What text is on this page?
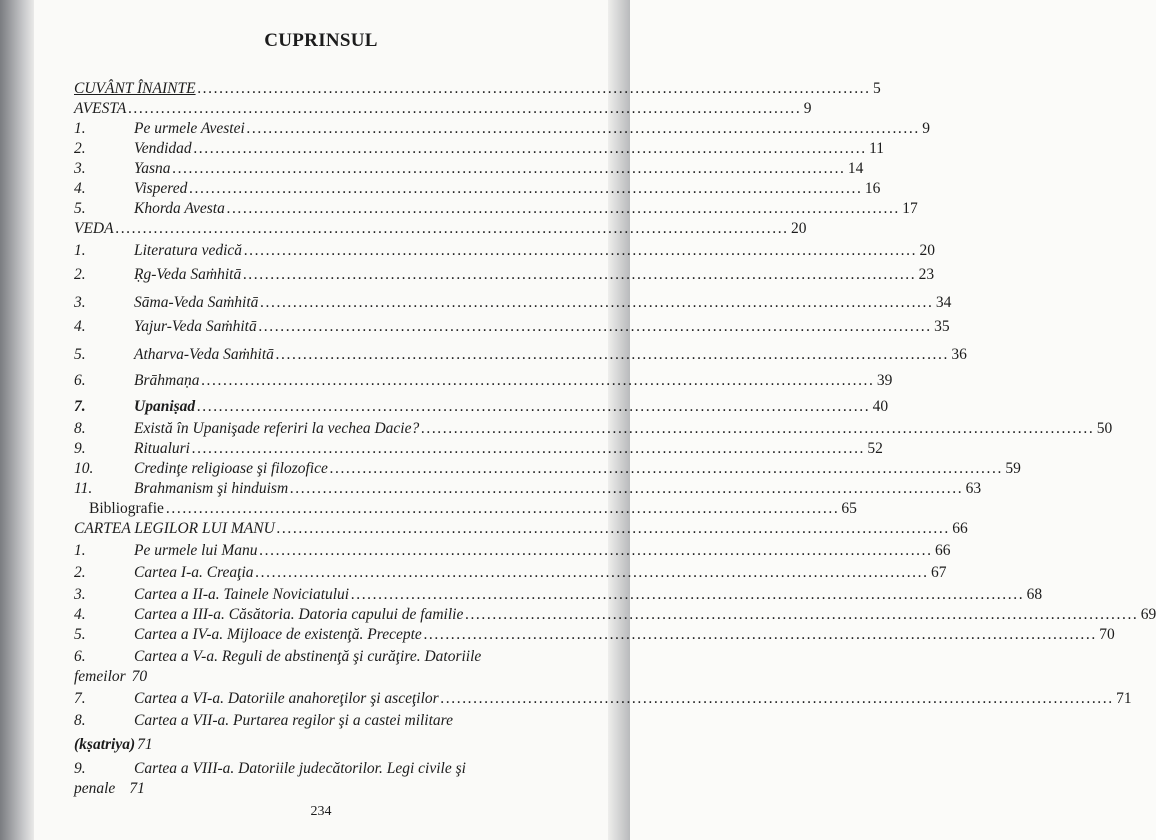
CUPRINSUL
CUVÂNT ÎNAINTE ........................................................................................................................... 5
AVESTA ........................................................................................................................... 9
1.	Pe urmele Avestei ........................................................................................................................... 9
2.	Vendidad ........................................................................................................................... 11
3.	Yasna ........................................................................................................................... 14
4.	Vispered ........................................................................................................................... 16
5.	Khorda Avesta ........................................................................................................................... 17
VEDA ........................................................................................................................... 20
1.	Literatura vedică ........................................................................................................................... 20
2.	Ṛg-Veda Saṁhitā ........................................................................................................................... 23
3.	Sāma-Veda Saṁhitā ........................................................................................................................... 34
4.	Yajur-Veda Saṁhitā ........................................................................................................................... 35
5.	Atharva-Veda Saṁhitā ........................................................................................................................... 36
6.	Brāhmaṇa ........................................................................................................................... 39
7.	Upaniṣad ........................................................................................................................... 40
8.	Există în Upanişade referiri la vechea Dacie? ........................................................................................................................... 50
9.	Ritualuri ........................................................................................................................... 52
10.	Credinţe religioase şi filozofice ........................................................................................................................... 59
11.	Brahmanism şi hinduism ........................................................................................................................... 63
Bibliografie ........................................................................................................................... 65
CARTEA LEGILOR LUI MANU ........................................................................................................................... 66
1.	Pe urmele lui Manu ........................................................................................................................... 66
2.	Cartea I-a. Creaţia ........................................................................................................................... 67
3.	Cartea a II-a. Tainele Noviciatului ........................................................................................................................... 68
4.	Cartea a III-a. Căsătoria. Datoria capului de familie ........................................................................................................................... 69
5.	Cartea a IV-a. Mijloace de existenţă. Precepte ........................................................................................................................... 70
6.	Cartea a V-a. Reguli de abstinenţă şi curăţire. Datoriile
femeilor 70
7.	Cartea a VI-a. Datoriile anahoreţilor şi asceţilor ........................................................................................................................... 71
8.	Cartea a VII-a. Purtarea regilor şi a castei militare
(kṣatriya) 71
9.	Cartea a VIII-a. Datoriile judecătorilor. Legi civile şi
penale 71
234
